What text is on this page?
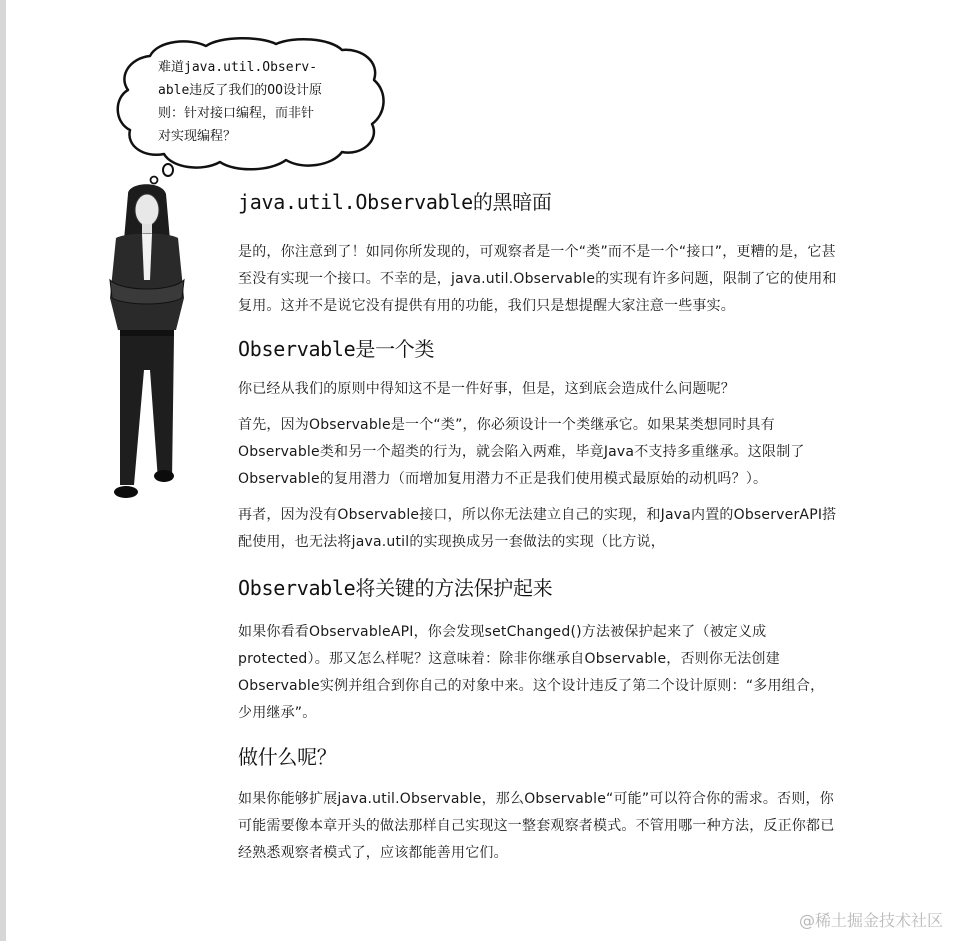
难道java.util.Observ-
able违反了我们的OO设计原
则：针对接口编程，而非针
对实现编程？
java.util.Observable的黑暗面

是的，你注意到了！如同你所发现的，可观察者是一个“类”而不是一个“接口”，更糟的是，它甚至没有实现一个接口。不幸的是，java.util.Observable的实现有许多问题，限制了它的使用和复用。这并不是说它没有提供有用的功能，我们只是想提醒大家注意一些事实。

Observable是一个类

你已经从我们的原则中得知这不是一件好事，但是，这到底会造成什么问题呢？

首先，因为Observable是一个“类”，你必须设计一个类继承它。如果某类想同时具有Observable类和另一个超类的行为，就会陷入两难，毕竟Java不支持多重继承。这限制了Observable的复用潜力（而增加复用潜力不正是我们使用模式最原始的动机吗？）。

再者，因为没有Observable接口，所以你无法建立自己的实现，和Java内置的ObserverAPI搭配使用，也无法将java.util的实现换成另一套做法的实现（比方说，

Observable将关键的方法保护起来

如果你看看ObservableAPI，你会发现setChanged()方法被保护起来了（被定义成protected）。那又怎么样呢？这意味着：除非你继承自Observable，否则你无法创建Observable实例并组合到你自己的对象中来。这个设计违反了第二个设计原则：“多用组合，少用继承”。

做什么呢？

如果你能够扩展java.util.Observable，那么Observable“可能”可以符合你的需求。否则，你可能需要像本章开头的做法那样自己实现这一整套观察者模式。不管用哪一种方法，反正你都已经熟悉观察者模式了，应该都能善用它们。

@稀土掘金技术社区
